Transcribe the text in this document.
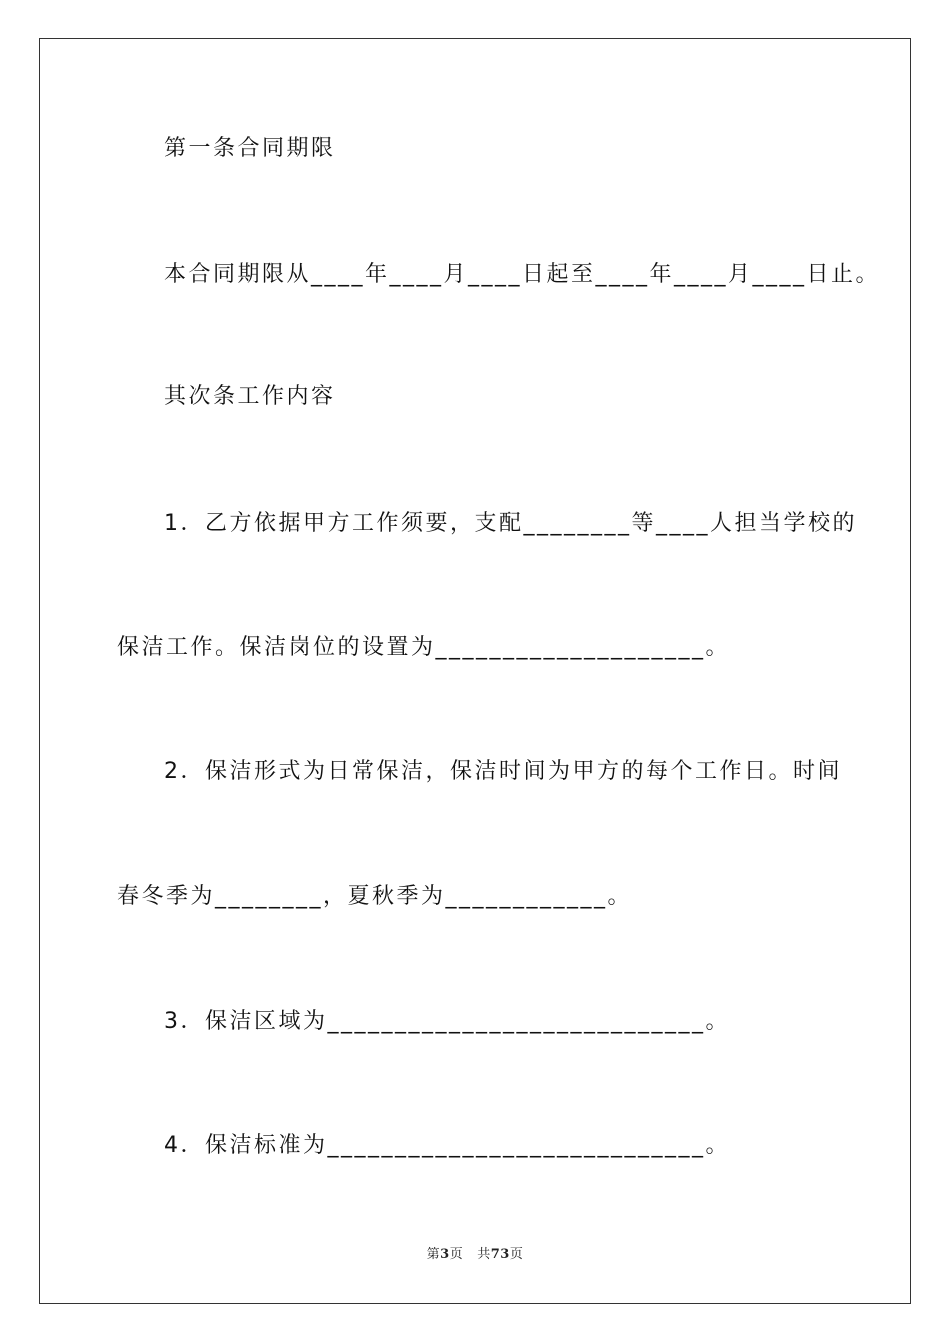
第一条合同期限
本合同期限从____年____月____日起至____年____月____日止。
其次条工作内容
1．乙方依据甲方工作须要，支配________等____人担当学校的
保洁工作。保洁岗位的设置为____________________。
2．保洁形式为日常保洁，保洁时间为甲方的每个工作日。时间
春冬季为________，夏秋季为____________。
3．保洁区域为____________________________。
4．保洁标准为____________________________。
第3页 共73页
